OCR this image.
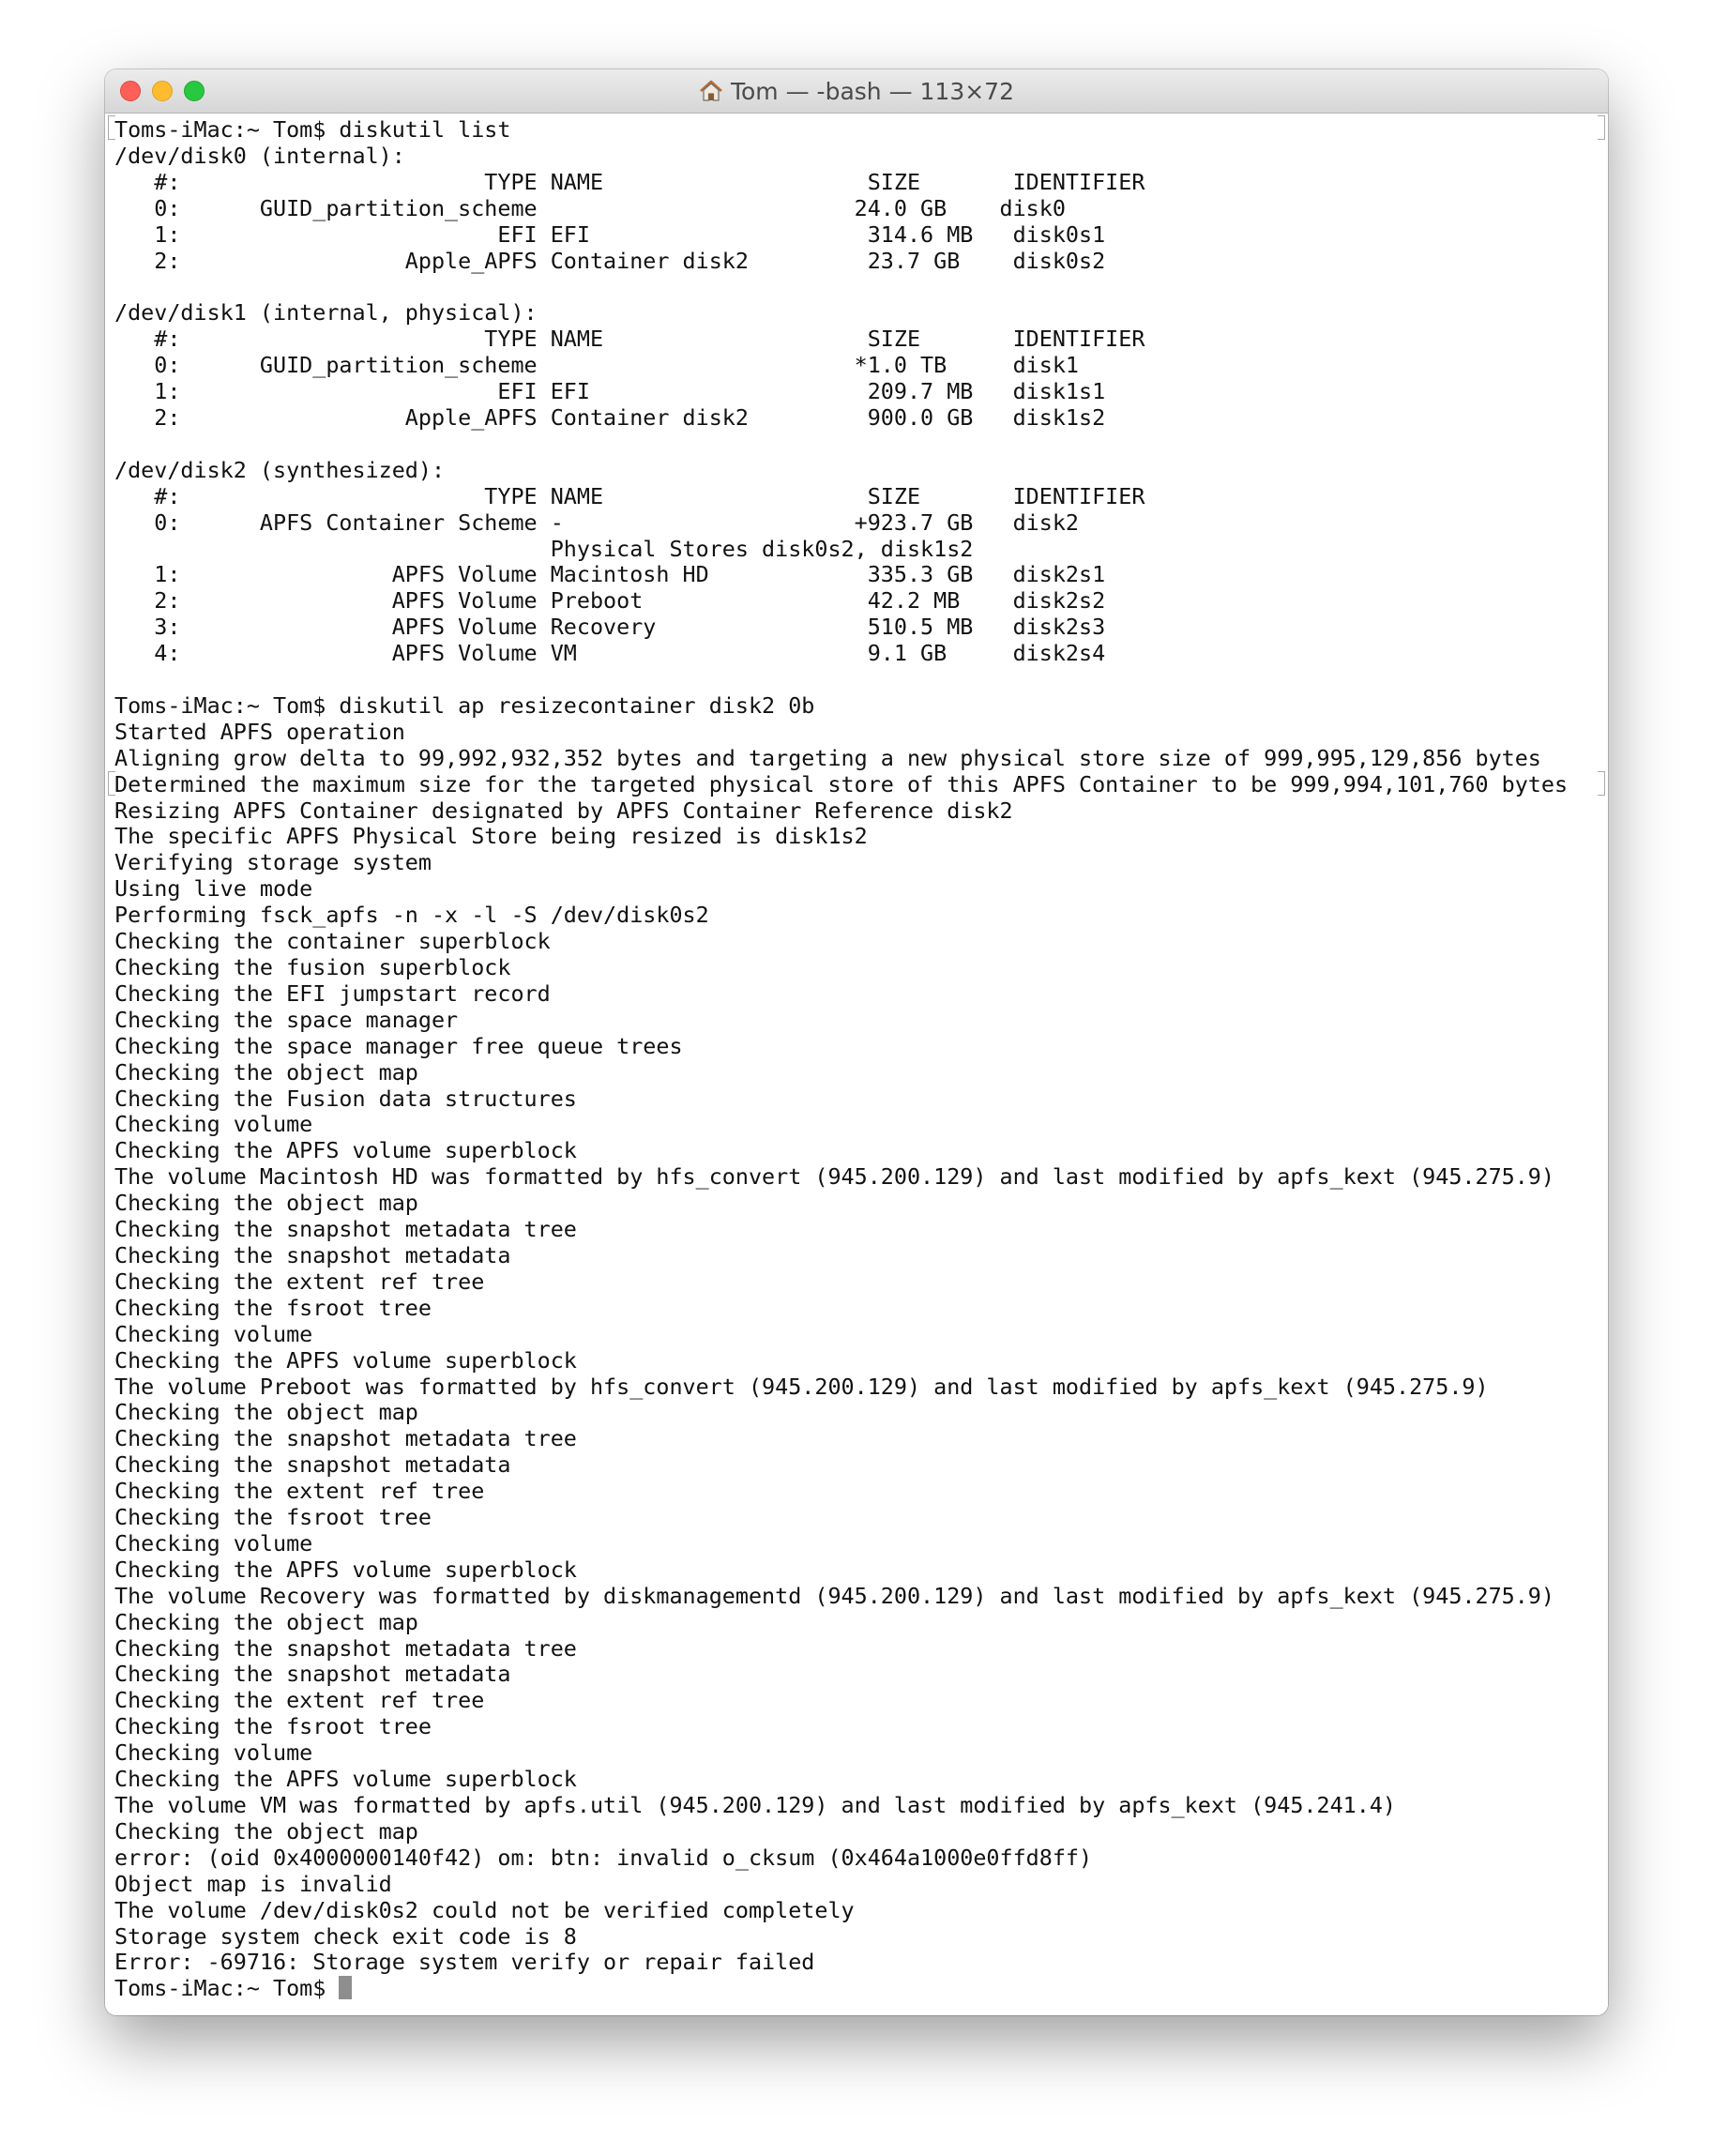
Tom — -bash — 113×72
Toms-iMac:~ Tom$ diskutil list
/dev/disk0 (internal):
#:                       TYPE NAME                    SIZE       IDENTIFIER
0:      GUID_partition_scheme                        24.0 GB    disk0
1:                        EFI EFI                     314.6 MB   disk0s1
2:                 Apple_APFS Container disk2         23.7 GB    disk0s2

/dev/disk1 (internal, physical):
#:                       TYPE NAME                    SIZE       IDENTIFIER
0:      GUID_partition_scheme                        *1.0 TB     disk1
1:                        EFI EFI                     209.7 MB   disk1s1
2:                 Apple_APFS Container disk2         900.0 GB   disk1s2

/dev/disk2 (synthesized):
#:                       TYPE NAME                    SIZE       IDENTIFIER
0:      APFS Container Scheme -                      +923.7 GB   disk2
Physical Stores disk0s2, disk1s2
1:                APFS Volume Macintosh HD            335.3 GB   disk2s1
2:                APFS Volume Preboot                 42.2 MB    disk2s2
3:                APFS Volume Recovery                510.5 MB   disk2s3
4:                APFS Volume VM                      9.1 GB     disk2s4

Toms-iMac:~ Tom$ diskutil ap resizecontainer disk2 0b
Started APFS operation
Aligning grow delta to 99,992,932,352 bytes and targeting a new physical store size of 999,995,129,856 bytes
Determined the maximum size for the targeted physical store of this APFS Container to be 999,994,101,760 bytes
Resizing APFS Container designated by APFS Container Reference disk2
The specific APFS Physical Store being resized is disk1s2
Verifying storage system
Using live mode
Performing fsck_apfs -n -x -l -S /dev/disk0s2
Checking the container superblock
Checking the fusion superblock
Checking the EFI jumpstart record
Checking the space manager
Checking the space manager free queue trees
Checking the object map
Checking the Fusion data structures
Checking volume
Checking the APFS volume superblock
The volume Macintosh HD was formatted by hfs_convert (945.200.129) and last modified by apfs_kext (945.275.9)
Checking the object map
Checking the snapshot metadata tree
Checking the snapshot metadata
Checking the extent ref tree
Checking the fsroot tree
Checking volume
Checking the APFS volume superblock
The volume Preboot was formatted by hfs_convert (945.200.129) and last modified by apfs_kext (945.275.9)
Checking the object map
Checking the snapshot metadata tree
Checking the snapshot metadata
Checking the extent ref tree
Checking the fsroot tree
Checking volume
Checking the APFS volume superblock
The volume Recovery was formatted by diskmanagementd (945.200.129) and last modified by apfs_kext (945.275.9)
Checking the object map
Checking the snapshot metadata tree
Checking the snapshot metadata
Checking the extent ref tree
Checking the fsroot tree
Checking volume
Checking the APFS volume superblock
The volume VM was formatted by apfs.util (945.200.129) and last modified by apfs_kext (945.241.4)
Checking the object map
error: (oid 0x4000000140f42) om: btn: invalid o_cksum (0x464a1000e0ffd8ff)
Object map is invalid
The volume /dev/disk0s2 could not be verified completely
Storage system check exit code is 8
Error: -69716: Storage system verify or repair failed
Toms-iMac:~ Tom$
